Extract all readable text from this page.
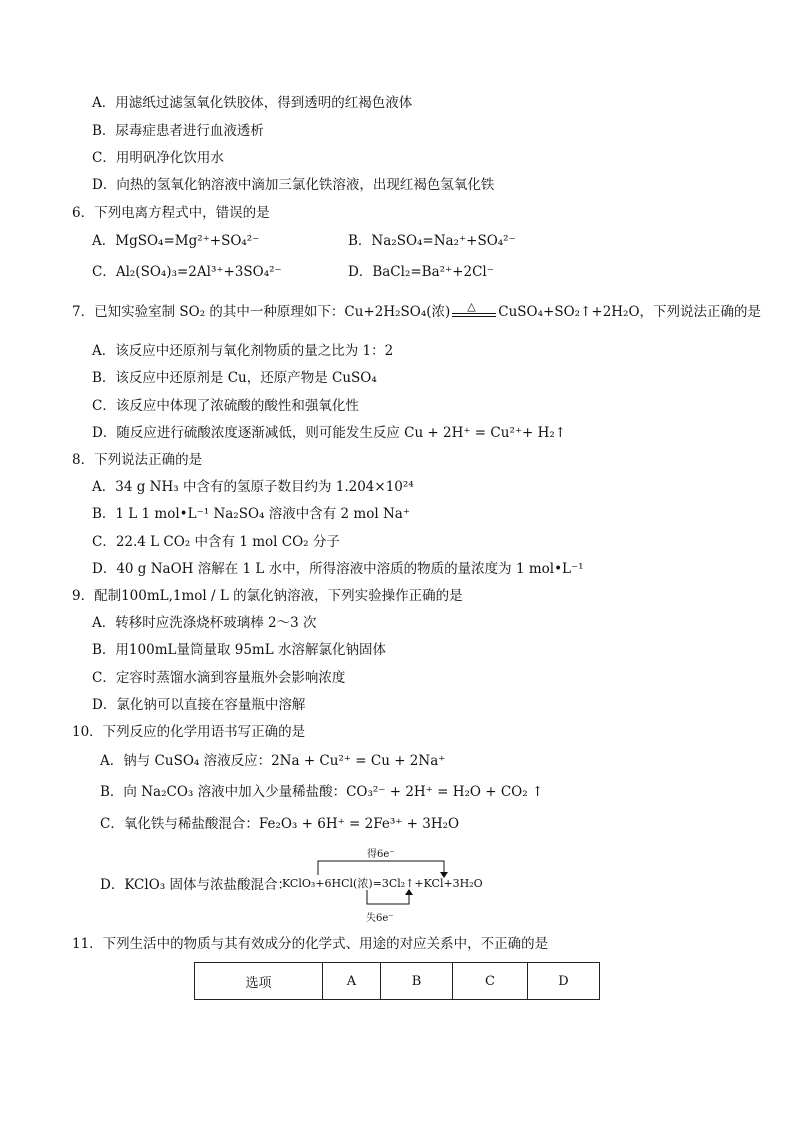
A．用滤纸过滤氢氧化铁胶体，得到透明的红褐色液体
B．尿毒症患者进行血液透析
C．用明矾净化饮用水
D．向热的氢氧化钠溶液中滴加三氯化铁溶液，出现红褐色氢氧化铁
6．下列电离方程式中，错误的是
A．MgSO₄=Mg²⁺+SO₄²⁻	B．Na₂SO₄=Na₂⁺+SO₄²⁻
C．Al₂(SO₄)₃=2Al³⁺+3SO₄²⁻	D．BaCl₂=Ba²⁺+2Cl⁻
7．已知实验室制 SO₂ 的其中一种原理如下：Cu+2H₂SO₄(浓) △ CuSO₄+SO₂↑+2H₂O，下列说法正确的是
A．该反应中还原剂与氧化剂物质的量之比为 1：2
B．该反应中还原剂是 Cu，还原产物是 CuSO₄
C．该反应中体现了浓硫酸的酸性和强氧化性
D．随反应进行硫酸浓度逐渐减低，则可能发生反应 Cu + 2H⁺ = Cu²⁺+ H₂↑
8．下列说法正确的是
A．34 g NH₃ 中含有的氢原子数目约为 1.204×10²⁴
B．1 L 1 mol•L⁻¹ Na₂SO₄ 溶液中含有 2 mol Na⁺
C．22.4 L CO₂ 中含有 1 mol CO₂ 分子
D．40 g NaOH 溶解在 1 L 水中，所得溶液中溶质的物质的量浓度为 1 mol•L⁻¹
9．配制100mL,1mol / L 的氯化钠溶液，下列实验操作正确的是
A．转移时应洗涤烧杯玻璃棒 2～3 次
B．用100mL量筒量取 95mL 水溶解氯化钠固体
C．定容时蒸馏水滴到容量瓶外会影响浓度
D．氯化钠可以直接在容量瓶中溶解
10．下列反应的化学用语书写正确的是
A．钠与 CuSO₄ 溶液反应：2Na + Cu²⁺ = Cu + 2Na⁺
B．向 Na₂CO₃ 溶液中加入少量稀盐酸：CO₃²⁻ + 2H⁺ = H₂O + CO₂ ↑
C．氧化铁与稀盐酸混合：Fe₂O₃ + 6H⁺ = 2Fe³⁺ + 3H₂O
D．KClO₃ 固体与浓盐酸混合：
得6e⁻
KClO₃+6HCl(浓)=3Cl₂↑+KCl+3H₂O
失6e⁻
11．下列生活中的物质与其有效成分的化学式、用途的对应关系中，不正确的是
选项	A	B	C	D
